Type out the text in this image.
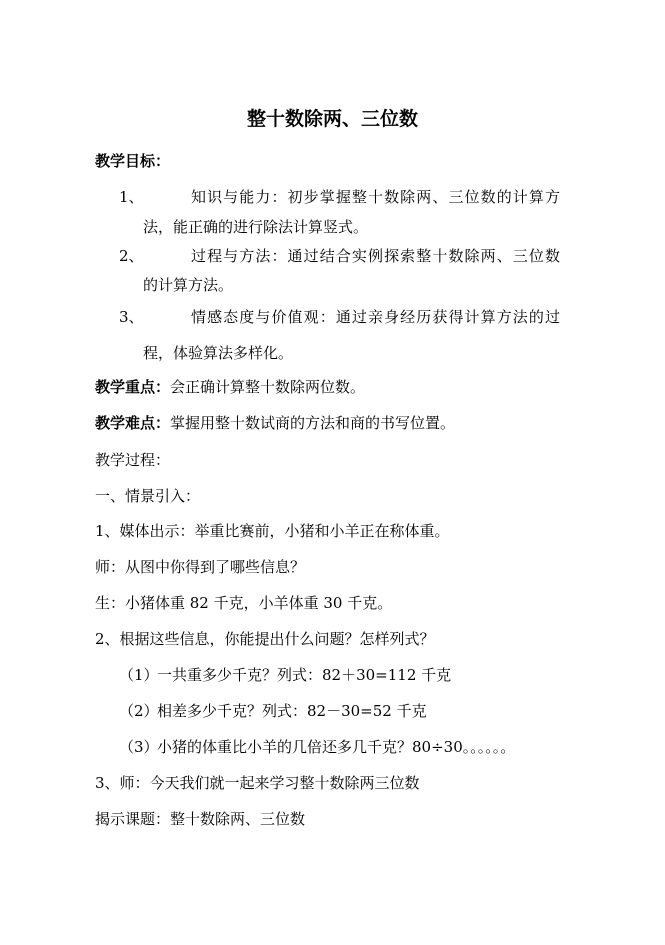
整十数除两、三位数
教学目标：
1、	知识与能力：初步掌握整十数除两、三位数的计算方
法，能正确的进行除法计算竖式。
2、	过程与方法：通过结合实例探索整十数除两、三位数
的计算方法。
3、	情感态度与价值观：通过亲身经历获得计算方法的过
程，体验算法多样化。
教学重点：会正确计算整十数除两位数。
教学难点：掌握用整十数试商的方法和商的书写位置。
教学过程：
一、情景引入：
1、媒体出示：举重比赛前，小猪和小羊正在称体重。
师：从图中你得到了哪些信息？
生：小猪体重 82 千克，小羊体重 30 千克。
2、根据这些信息，你能提出什么问题？怎样列式？
（1）
一共重多少千克？列式：82＋30=112 千克
（2）
相差多少千克？列式：82－30=52 千克
（3）
小猪的体重比小羊的几倍还多几千克？80÷30。。。。。。
3、师：今天我们就一起来学习整十数除两三位数
揭示课题：整十数除两、三位数
